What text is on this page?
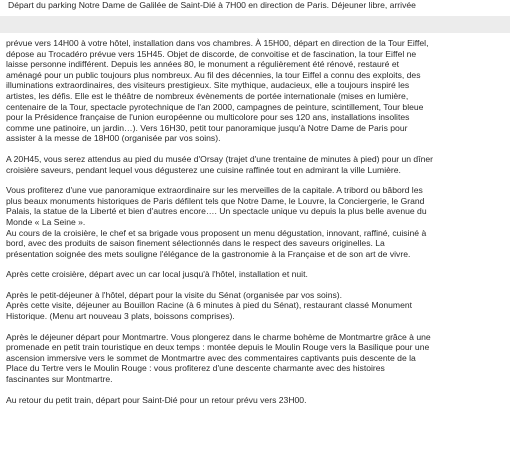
Départ du parking Notre Dame de Galilée de Saint-Dié à 7H00 en direction de Paris. Déjeuner libre, arrivée

prévue vers 14H00 à votre hôtel, installation dans vos chambres. À 15H00, départ en direction de la Tour Eiffel,
dépose au Trocadéro prévue vers 15H45. Objet de discorde, de convoitise et de fascination, la tour Eiffel ne
laisse personne indifférent. Depuis les années 80, le monument a régulièrement été rénové, restauré et
aménagé pour un public toujours plus nombreux. Au fil des décennies, la tour Eiffel a connu des exploits, des
illuminations extraordinaires, des visiteurs prestigieux. Site mythique, audacieux, elle a toujours inspiré les
artistes, les défis. Elle est le théâtre de nombreux évènements de portée internationale (mises en lumière,
centenaire de la Tour, spectacle pyrotechnique de l'an 2000, campagnes de peinture, scintillement, Tour bleue
pour la Présidence française de l'union européenne ou multicolore pour ses 120 ans, installations insolites
comme une patinoire, un jardin…). Vers 16H30, petit tour panoramique jusqu'à Notre Dame de Paris pour
assister à la messe de 18H00 (organisée par vos soins).

A 20H45, vous serez attendus au pied du musée d'Orsay (trajet d'une trentaine de minutes à pied) pour un dîner
croisière saveurs, pendant lequel vous dégusterez une cuisine raffinée tout en admirant la ville Lumière.

Vous profiterez d'une vue panoramique extraordinaire sur les merveilles de la capitale. A tribord ou bâbord les
plus beaux monuments historiques de Paris défilent tels que Notre Dame, le Louvre, la Conciergerie, le Grand
Palais, la statue de la Liberté et bien d'autres encore…. Un spectacle unique vu depuis la plus belle avenue du
Monde « La Seine ».
Au cours de la croisière, le chef et sa brigade vous proposent un menu dégustation, innovant, raffiné, cuisiné à
bord, avec des produits de saison finement sélectionnés dans le respect des saveurs originelles. La
présentation soignée des mets souligne l'élégance de la gastronomie à la Française et de son art de vivre.

Après cette croisière, départ avec un car local jusqu'à l'hôtel, installation et nuit.

Après le petit-déjeuner à l'hôtel, départ pour la visite du Sénat (organisée par vos soins).
Après cette visite, déjeuner au Bouillon Racine (à 6 minutes à pied du Sénat), restaurant classé Monument
Historique. (Menu art nouveau 3 plats, boissons comprises).

Après le déjeuner départ pour Montmartre. Vous plongerez dans le charme bohème de Montmartre grâce à une
promenade en petit train touristique en deux temps : montée depuis le Moulin Rouge vers la Basilique pour une
ascension immersive vers le sommet de Montmartre avec des commentaires captivants puis descente de la
Place du Tertre vers le Moulin Rouge : vous profiterez d'une descente charmante avec des histoires
fascinantes sur Montmartre.

Au retour du petit train, départ pour Saint-Dié pour un retour prévu vers 23H00.
